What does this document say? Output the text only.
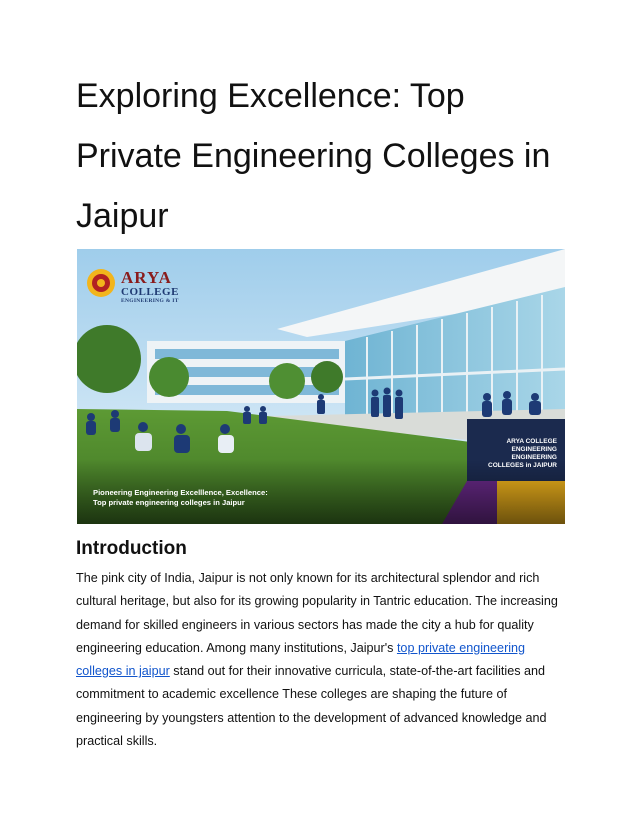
Exploring Excellence: Top Private Engineering Colleges in Jaipur
ARYA
COLLEGE
ENGINEERING & IT
ARYA COLLEGE
ENGINEERING
ENGINEERING
COLLEGES in JAIPUR
Pioneering Engineering Excelllence, Excellence:
Top private engineering colleges in Jaipur
Introduction

The pink city of India, Jaipur is not only known for its architectural splendor and rich cultural heritage, but also for its growing popularity in Tantric education. The increasing demand for skilled engineers in various sectors has made the city a hub for quality engineering education. Among many institutions, Jaipur's top private engineering colleges in jaipur stand out for their innovative curricula, state-of-the-art facilities and commitment to academic excellence These colleges are shaping the future of engineering by youngsters attention to the development of advanced knowledge and practical skills.
